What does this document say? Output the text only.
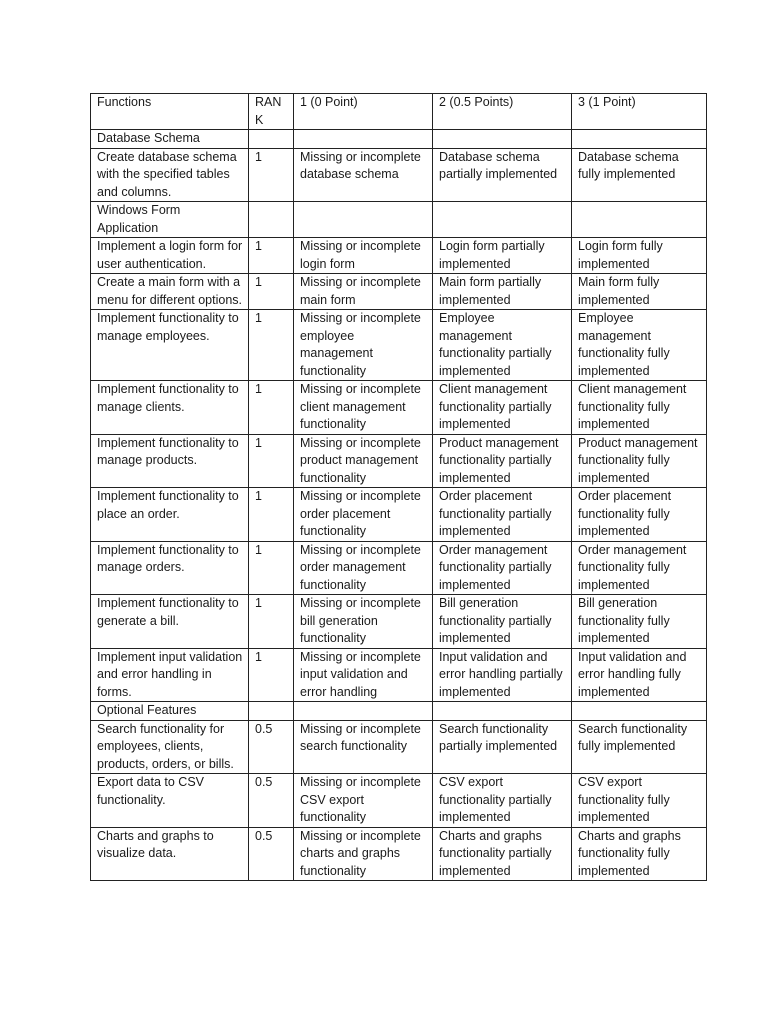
Functions	RANK	1 (0 Point)	2 (0.5 Points)	3 (1 Point)
Database Schema				
Create database schema with the specified tables and columns.	1	Missing or incomplete database schema	Database schema partially implemented	Database schema fully implemented
Windows Form Application				
Implement a login form for user authentication.	1	Missing or incomplete login form	Login form partially implemented	Login form fully implemented
Create a main form with a menu for different options.	1	Missing or incomplete main form	Main form partially implemented	Main form fully implemented
Implement functionality to manage employees.	1	Missing or incomplete employee management functionality	Employee management functionality partially implemented	Employee management functionality fully implemented
Implement functionality to manage clients.	1	Missing or incomplete client management functionality	Client management functionality partially implemented	Client management functionality fully implemented
Implement functionality to manage products.	1	Missing or incomplete product management functionality	Product management functionality partially implemented	Product management functionality fully implemented
Implement functionality to place an order.	1	Missing or incomplete order placement functionality	Order placement functionality partially implemented	Order placement functionality fully implemented
Implement functionality to manage orders.	1	Missing or incomplete order management functionality	Order management functionality partially implemented	Order management functionality fully implemented
Implement functionality to generate a bill.	1	Missing or incomplete bill generation functionality	Bill generation functionality partially implemented	Bill generation functionality fully implemented
Implement input validation and error handling in forms.	1	Missing or incomplete input validation and error handling	Input validation and error handling partially implemented	Input validation and error handling fully implemented
Optional Features				
Search functionality for employees, clients, products, orders, or bills.	0.5	Missing or incomplete search functionality	Search functionality partially implemented	Search functionality fully implemented
Export data to CSV functionality.	0.5	Missing or incomplete CSV export functionality	CSV export functionality partially implemented	CSV export functionality fully implemented
Charts and graphs to visualize data.	0.5	Missing or incomplete charts and graphs functionality	Charts and graphs functionality partially implemented	Charts and graphs functionality fully implemented
